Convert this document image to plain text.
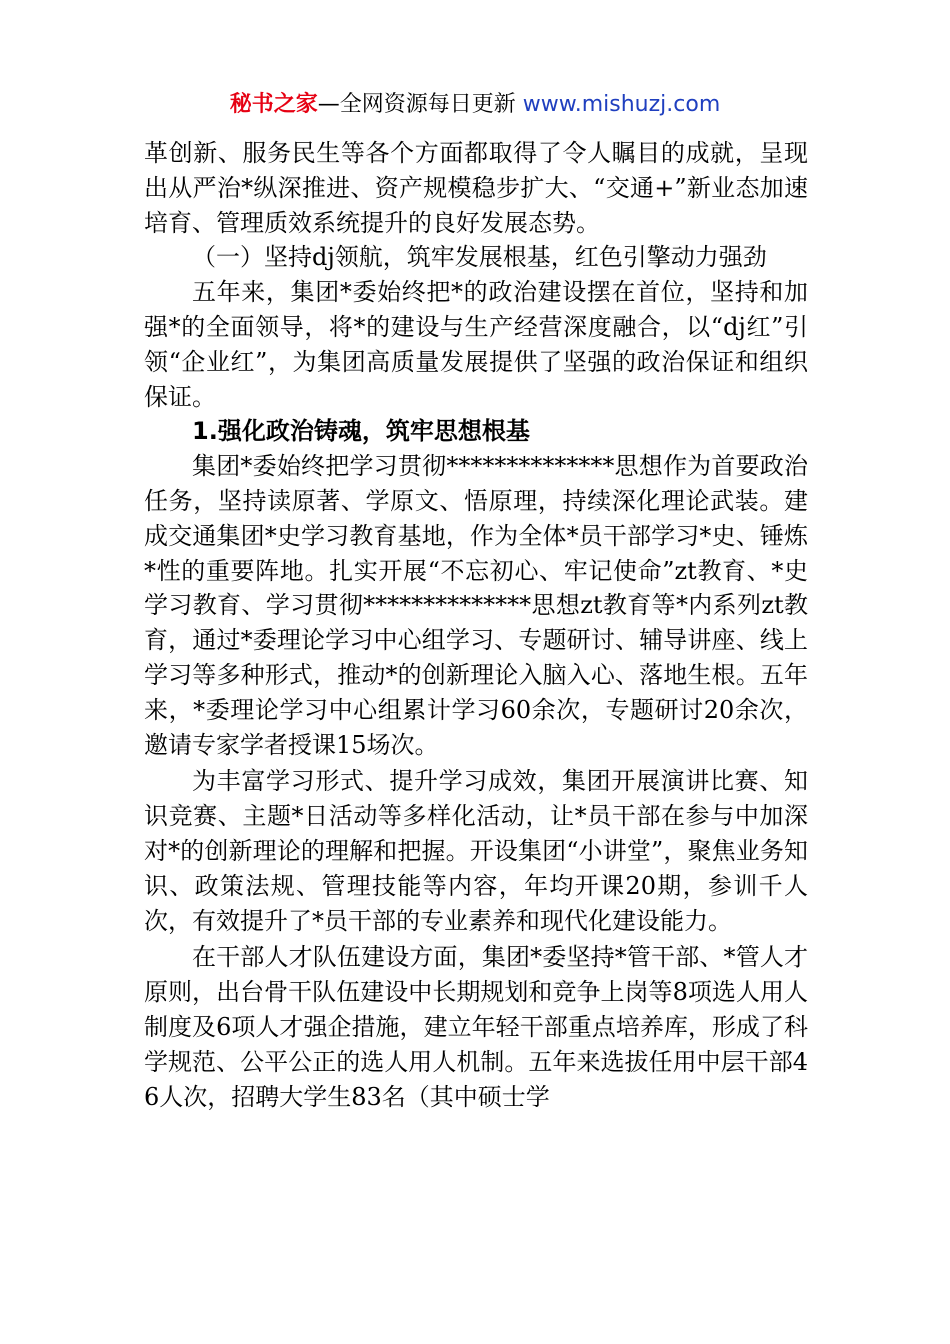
秘书之家—全网资源每日更新 www.mishuzj.com

革创新、服务民生等各个方面都取得了令人瞩目的成就，呈现出从严治*纵深推进、资产规模稳步扩大、“交通+”新业态加速培育、管理质效系统提升的良好发展态势。

（一）坚持dj领航，筑牢发展根基，红色引擎动力强劲

五年来，集团*委始终把*的政治建设摆在首位，坚持和加强*的全面领导，将*的建设与生产经营深度融合，以“dj红”引领“企业红”，为集团高质量发展提供了坚强的政治保证和组织保证。

1.强化政治铸魂，筑牢思想根基

集团*委始终把学习贯彻**************思想作为首要政治任务，坚持读原著、学原文、悟原理，持续深化理论武装。建成交通集团*史学习教育基地，作为全体*员干部学习*史、锤炼*性的重要阵地。扎实开展“不忘初心、牢记使命”zt教育、*史学习教育、学习贯彻**************思想zt教育等*内系列zt教育，通过*委理论学习中心组学习、专题研讨、辅导讲座、线上学习等多种形式，推动*的创新理论入脑入心、落地生根。五年来，*委理论学习中心组累计学习60余次，专题研讨20余次，邀请专家学者授课15场次。

为丰富学习形式、提升学习成效，集团开展演讲比赛、知识竞赛、主题*日活动等多样化活动，让*员干部在参与中加深对*的创新理论的理解和把握。开设集团“小讲堂”，聚焦业务知识、政策法规、管理技能等内容，年均开课20期，参训千人次，有效提升了*员干部的专业素养和现代化建设能力。

在干部人才队伍建设方面，集团*委坚持*管干部、*管人才原则，出台骨干队伍建设中长期规划和竞争上岗等8项选人用人制度及6项人才强企措施，建立年轻干部重点培养库，形成了科学规范、公平公正的选人用人机制。五年来选拔任用中层干部46人次，招聘大学生83名（其中硕士学
